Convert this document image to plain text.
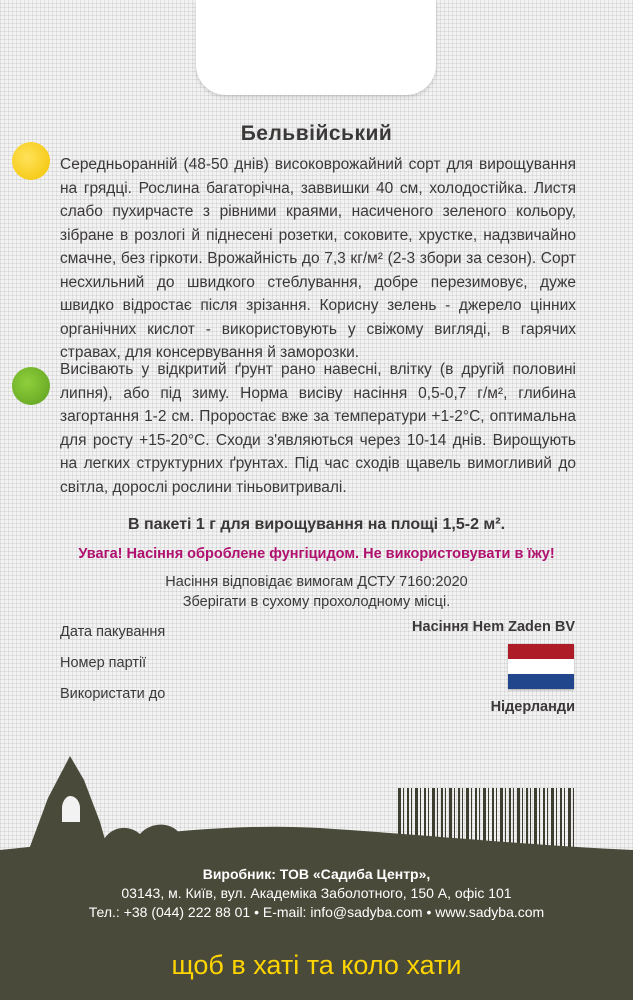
Бельвійський

Середньоранній (48-50 днів) високоврожайний сорт для вирощування на грядці. Рослина багаторічна, заввишки 40 см, холодостійка. Листя слабо пухирчасте з рівними краями, насиченого зеленого кольору, зібране в розлогі й піднесені розетки, соковите, хрустке, надзвичайно смачне, без гіркоти. Врожайність до 7,3 кг/м² (2-3 збори за сезон). Сорт несхильний до швидкого стеблування, добре перезимовує, дуже швидко відростає після зрізання. Корисну зелень - джерело цінних органічних кислот - використовують у свіжому вигляді, в гарячих стравах, для консервування й заморозки.

Висівають у відкритий ґрунт рано навесні, влітку (в другій половині липня), або під зиму. Норма висіву насіння 0,5-0,7 г/м², глибина загортання 1-2 см. Проростає вже за температури +1-2°C, оптимальна для росту +15-20°C. Сходи з'являються через 10-14 днів. Вирощують на легких структурних ґрунтах. Під час сходів щавель вимогливий до світла, дорослі рослини тіньовитривалі.

В пакеті 1 г для вирощування на площі 1,5-2 м².
Увага! Насіння оброблене фунгіцидом. Не використовувати в їжу!
Насіння відповідає вимогам ДСТУ 7160:2020
Зберігати в сухому прохолодному місці.
Дата пакування
Номер партії
Використати до
Насіння Hem Zaden BV
Нідерланди
Виробник: ТОВ «Садиба Центр»,
03143, м. Київ, вул. Академіка Заболотного, 150 А, офіс 101
Тел.: +38 (044) 222 88 01 • E-mail: info@sadyba.com • www.sadyba.com
щоб в хаті та коло хати
